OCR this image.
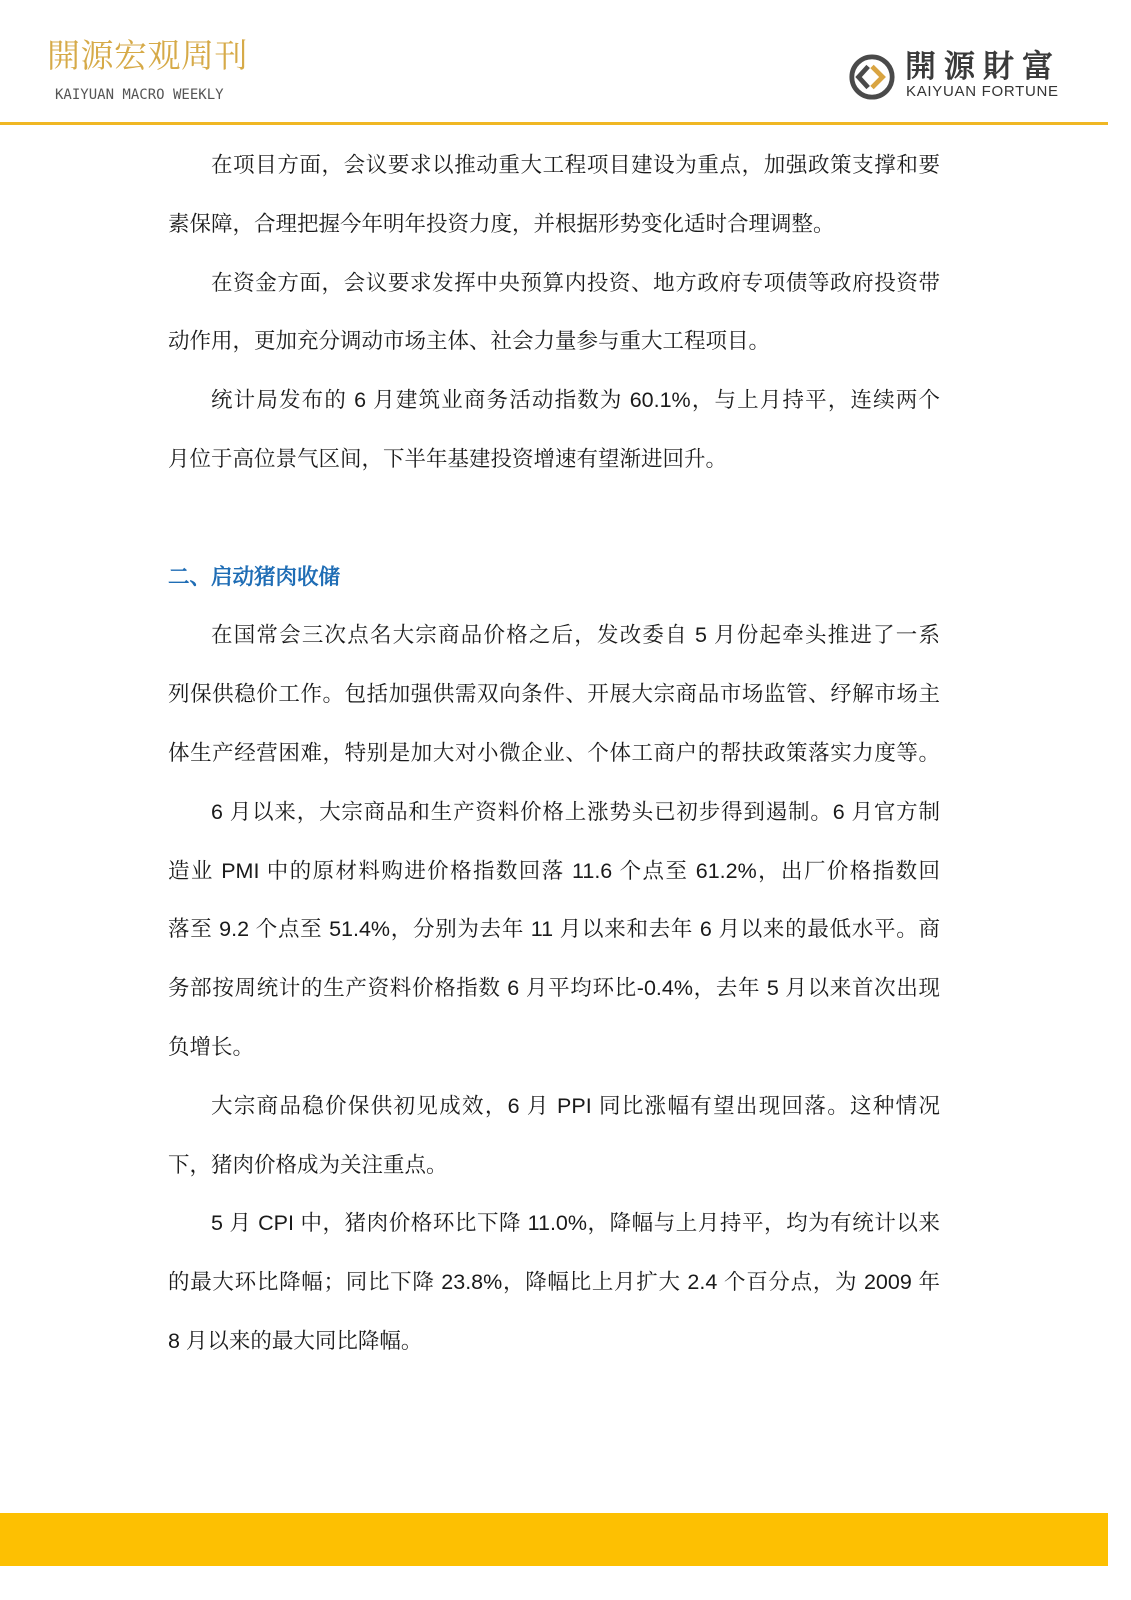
開源宏观周刊
KAIYUAN MACRO WEEKLY
開源財富
KAIYUAN FORTUNE
在项目方面，会议要求以推动重大工程项目建设为重点，加强政策支撑和要
素保障，合理把握今年明年投资力度，并根据形势变化适时合理调整。
在资金方面，会议要求发挥中央预算内投资、地方政府专项债等政府投资带
动作用，更加充分调动市场主体、社会力量参与重大工程项目。
统计局发布的 6 月建筑业商务活动指数为 60.1%，与上月持平，连续两个
月位于高位景气区间，下半年基建投资增速有望渐进回升。
二、启动猪肉收储
在国常会三次点名大宗商品价格之后，发改委自 5 月份起牵头推进了一系
列保供稳价工作。包括加强供需双向条件、开展大宗商品市场监管、纾解市场主
体生产经营困难，特别是加大对小微企业、个体工商户的帮扶政策落实力度等。
6 月以来，大宗商品和生产资料价格上涨势头已初步得到遏制。6 月官方制
造业 PMI 中的原材料购进价格指数回落 11.6 个点至 61.2%，出厂价格指数回
落至 9.2 个点至 51.4%，分别为去年 11 月以来和去年 6 月以来的最低水平。商
务部按周统计的生产资料价格指数 6 月平均环比-0.4%，去年 5 月以来首次出现
负增长。
大宗商品稳价保供初见成效，6 月 PPI 同比涨幅有望出现回落。这种情况
下，猪肉价格成为关注重点。
5 月 CPI 中，猪肉价格环比下降 11.0%，降幅与上月持平，均为有统计以来
的最大环比降幅；同比下降 23.8%，降幅比上月扩大 2.4 个百分点，为 2009 年
8 月以来的最大同比降幅。
